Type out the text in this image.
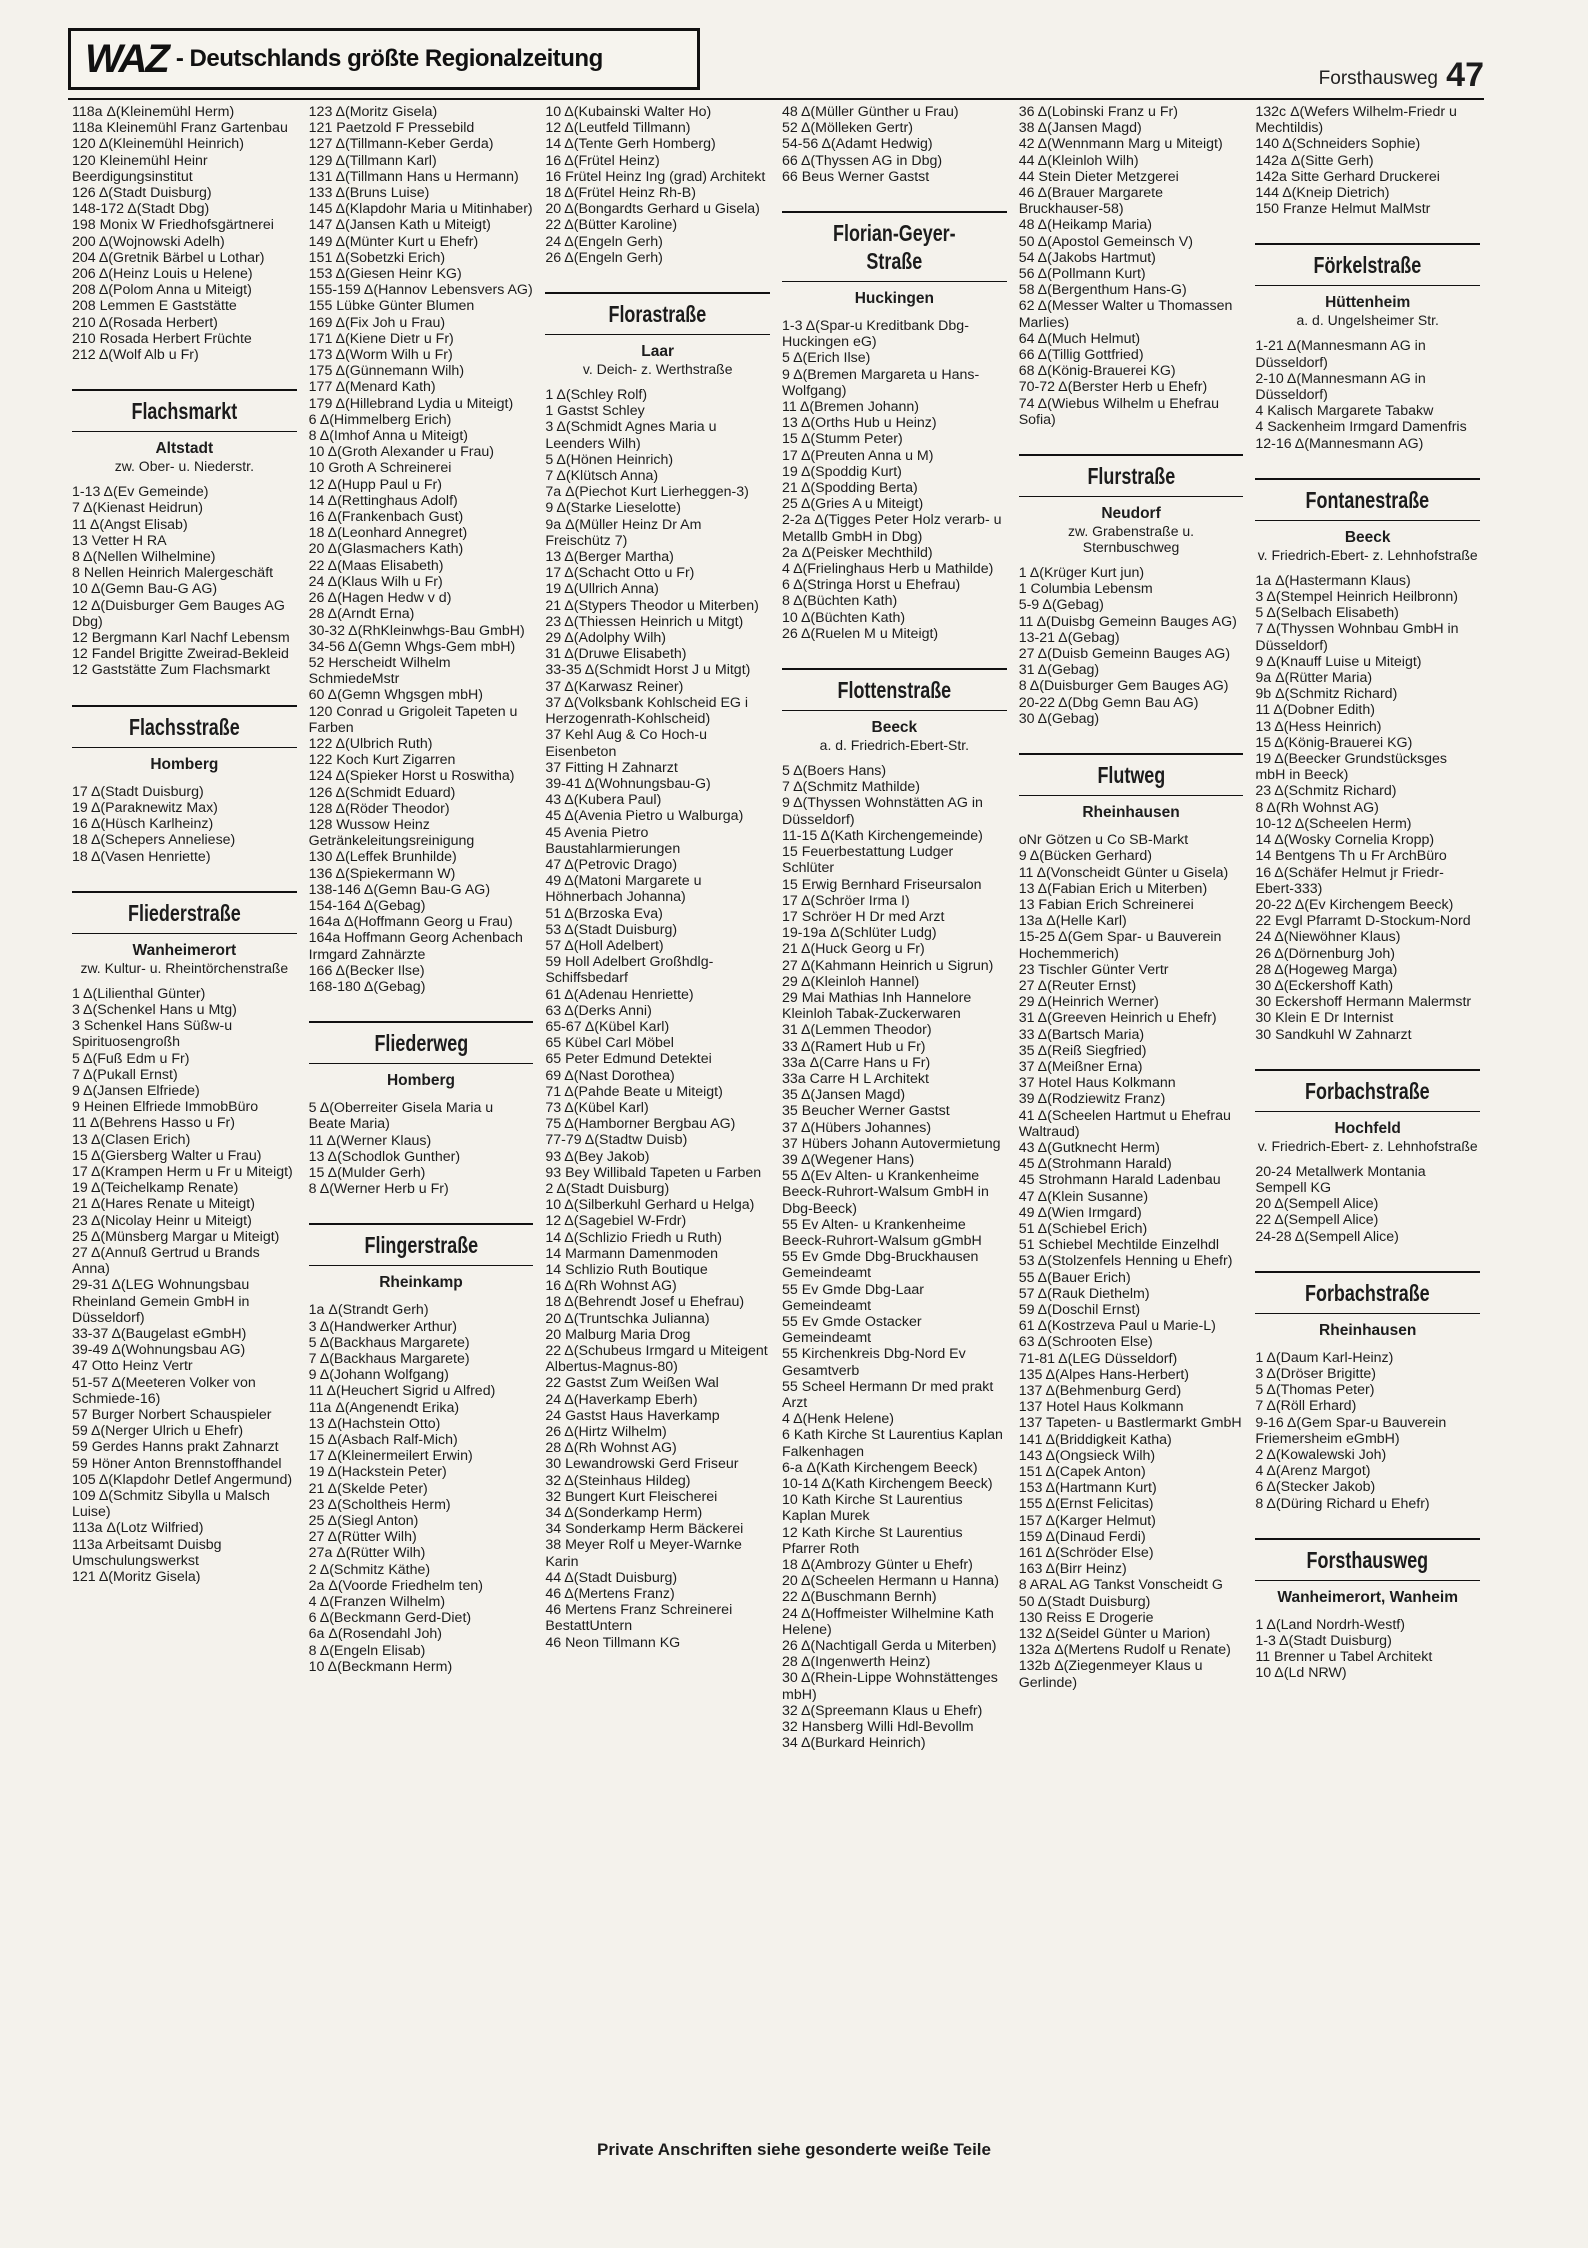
WAZ - Deutschlands größte Regionalzeitung
Forsthausweg 47
118a Δ(Kleinemühl Herm)
118a Kleinemühl Franz Gartenbau
120 Δ(Kleinemühl Heinrich)
120 Kleinemühl Heinr Beerdigungsinstitut
126 Δ(Stadt Duisburg)
148-172 Δ(Stadt Dbg)
198 Monix W Friedhofsgärtnerei
200 Δ(Wojnowski Adelh)
204 Δ(Gretnik Bärbel u Lothar)
206 Δ(Heinz Louis u Helene)
208 Δ(Polom Anna u Miteigt)
208 Lemmen E Gaststätte
210 Δ(Rosada Herbert)
210 Rosada Herbert Früchte
212 Δ(Wolf Alb u Fr)
Flachsmarkt
Altstadt
zw. Ober- u. Niederstr.
1-13 Δ(Ev Gemeinde)
7 Δ(Kienast Heidrun)
11 Δ(Angst Elisab)
13 Vetter H RA
8 Δ(Nellen Wilhelmine)
8 Nellen Heinrich Malergeschäft
10 Δ(Gemn Bau-G AG)
12 Δ(Duisburger Gem Bauges AG Dbg)
12 Bergmann Karl Nachf Lebensm
12 Fandel Brigitte Zweirad-Bekleid
12 Gaststätte Zum Flachsmarkt
Flachsstraße
Homberg
17 Δ(Stadt Duisburg)
19 Δ(Paraknewitz Max)
16 Δ(Hüsch Karlheinz)
18 Δ(Schepers Anneliese)
18 Δ(Vasen Henriette)
Fliederstraße
Wanheimerort
zw. Kultur- u. Rheintörchenstraße
1 Δ(Lilienthal Günter)
3 Δ(Schenkel Hans u Mtg)
3 Schenkel Hans Süßw-u Spirituosengroßh
5 Δ(Fuß Edm u Fr)
7 Δ(Pukall Ernst)
9 Δ(Jansen Elfriede)
9 Heinen Elfriede ImmobBüro
11 Δ(Behrens Hasso u Fr)
13 Δ(Clasen Erich)
15 Δ(Giersberg Walter u Frau)
17 Δ(Krampen Herm u Fr u Miteigt)
19 Δ(Teichelkamp Renate)
21 Δ(Hares Renate u Miteigt)
23 Δ(Nicolay Heinr u Miteigt)
25 Δ(Münsberg Margar u Miteigt)
27 Δ(Annuß Gertrud u Brands Anna)
29-31 Δ(LEG Wohnungsbau Rheinland Gemein GmbH in Düsseldorf)
33-37 Δ(Baugelast eGmbH)
39-49 Δ(Wohnungsbau AG)
47 Otto Heinz Vertr
51-57 Δ(Meeteren Volker von Schmiede-16)
57 Burger Norbert Schauspieler
59 Δ(Nerger Ulrich u Ehefr)
59 Gerdes Hanns prakt Zahnarzt
59 Höner Anton Brennstoffhandel
105 Δ(Klapdohr Detlef Angermund)
109 Δ(Schmitz Sibylla u Malsch Luise)
113a Δ(Lotz Wilfried)
113a Arbeitsamt Duisbg Umschulungswerkst
121 Δ(Moritz Gisela)
123 Δ(Moritz Gisela)
121 Paetzold F Pressebild
127 Δ(Tillmann-Keber Gerda)
129 Δ(Tillmann Karl)
131 Δ(Tillmann Hans u Hermann)
133 Δ(Bruns Luise)
145 Δ(Klapdohr Maria u Mitinhaber)
147 Δ(Jansen Kath u Miteigt)
149 Δ(Münter Kurt u Ehefr)
151 Δ(Sobetzki Erich)
153 Δ(Giesen Heinr KG)
155-159 Δ(Hannov Lebensvers AG)
155 Lübke Günter Blumen
169 Δ(Fix Joh u Frau)
171 Δ(Kiene Dietr u Fr)
173 Δ(Worm Wilh u Fr)
175 Δ(Günnemann Wilh)
177 Δ(Menard Kath)
179 Δ(Hillebrand Lydia u Miteigt)
6 Δ(Himmelberg Erich)
8 Δ(Imhof Anna u Miteigt)
10 Δ(Groth Alexander u Frau)
10 Groth A Schreinerei
12 Δ(Hupp Paul u Fr)
14 Δ(Rettinghaus Adolf)
16 Δ(Frankenbach Gust)
18 Δ(Leonhard Annegret)
20 Δ(Glasmachers Kath)
22 Δ(Maas Elisabeth)
24 Δ(Klaus Wilh u Fr)
26 Δ(Hagen Hedw v d)
28 Δ(Arndt Erna)
30-32 Δ(RhKleinwhgs-Bau GmbH)
34-56 Δ(Gemn Whgs-Gem mbH)
52 Herscheidt Wilhelm SchmiedeMstr
60 Δ(Gemn Whgsgen mbH)
120 Conrad u Grigoleit Tapeten u Farben
122 Δ(Ulbrich Ruth)
122 Koch Kurt Zigarren
124 Δ(Spieker Horst u Roswitha)
126 Δ(Schmidt Eduard)
128 Δ(Röder Theodor)
128 Wussow Heinz Getränkeleitungsreinigung
130 Δ(Leffek Brunhilde)
136 Δ(Spiekermann W)
138-146 Δ(Gemn Bau-G AG)
154-164 Δ(Gebag)
164a Δ(Hoffmann Georg u Frau)
164a Hoffmann Georg Achenbach Irmgard Zahnärzte
166 Δ(Becker Ilse)
168-180 Δ(Gebag)
Fliederweg
Homberg
5 Δ(Oberreiter Gisela Maria u Beate Maria)
11 Δ(Werner Klaus)
13 Δ(Schodlok Gunther)
15 Δ(Mulder Gerh)
8 Δ(Werner Herb u Fr)
Flingerstraße
Rheinkamp
1a Δ(Strandt Gerh)
3 Δ(Handwerker Arthur)
5 Δ(Backhaus Margarete)
7 Δ(Backhaus Margarete)
9 Δ(Johann Wolfgang)
11 Δ(Heuchert Sigrid u Alfred)
11a Δ(Angenendt Erika)
13 Δ(Hachstein Otto)
15 Δ(Asbach Ralf-Mich)
17 Δ(Kleinermeilert Erwin)
19 Δ(Hackstein Peter)
21 Δ(Skelde Peter)
23 Δ(Scholtheis Herm)
25 Δ(Siegl Anton)
27 Δ(Rütter Wilh)
27a Δ(Rütter Wilh)
2 Δ(Schmitz Käthe)
2a Δ(Voorde Friedhelm ten)
4 Δ(Franzen Wilhelm)
6 Δ(Beckmann Gerd-Diet)
6a Δ(Rosendahl Joh)
8 Δ(Engeln Elisab)
10 Δ(Beckmann Herm)
10 Δ(Kubainski Walter Ho)
12 Δ(Leutfeld Tillmann)
14 Δ(Tente Gerh Homberg)
16 Δ(Frütel Heinz)
16 Frütel Heinz Ing (grad) Architekt
18 Δ(Frütel Heinz Rh-B)
20 Δ(Bongardts Gerhard u Gisela)
22 Δ(Bütter Karoline)
24 Δ(Engeln Gerh)
26 Δ(Engeln Gerh)
Florastraße
Laar
v. Deich- z. Werthstraße
1 Δ(Schley Rolf)
1 Gastst Schley
3 Δ(Schmidt Agnes Maria u Leenders Wilh)
5 Δ(Hönen Heinrich)
7 Δ(Klütsch Anna)
7a Δ(Piechot Kurt Lierheggen-3)
9 Δ(Starke Lieselotte)
9a Δ(Müller Heinz Dr Am Freischütz 7)
13 Δ(Berger Martha)
17 Δ(Schacht Otto u Fr)
19 Δ(Ullrich Anna)
21 Δ(Stypers Theodor u Miterben)
23 Δ(Thiessen Heinrich u Mitgt)
29 Δ(Adolphy Wilh)
31 Δ(Druwe Elisabeth)
33-35 Δ(Schmidt Horst J u Mitgt)
37 Δ(Karwasz Reiner)
37 Δ(Volksbank Kohlscheid EG i Herzogenrath-Kohlscheid)
37 Kehl Aug & Co Hoch-u Eisenbeton
37 Fitting H Zahnarzt
39-41 Δ(Wohnungsbau-G)
43 Δ(Kubera Paul)
45 Δ(Avenia Pietro u Walburga)
45 Avenia Pietro Baustahlarmierungen
47 Δ(Petrovic Drago)
49 Δ(Matoni Margarete u Höhnerbach Johanna)
51 Δ(Brzoska Eva)
53 Δ(Stadt Duisburg)
57 Δ(Holl Adelbert)
59 Holl Adelbert Großhdlg-Schiffsbedarf
61 Δ(Adenau Henriette)
63 Δ(Derks Anni)
65-67 Δ(Kübel Karl)
65 Kübel Carl Möbel
65 Peter Edmund Detektei
69 Δ(Nast Dorothea)
71 Δ(Pahde Beate u Miteigt)
73 Δ(Kübel Karl)
75 Δ(Hamborner Bergbau AG)
77-79 Δ(Stadtw Duisb)
93 Δ(Bey Jakob)
93 Bey Willibald Tapeten u Farben
2 Δ(Stadt Duisburg)
10 Δ(Silberkuhl Gerhard u Helga)
12 Δ(Sagebiel W-Frdr)
14 Δ(Schlizio Friedh u Ruth)
14 Marmann Damenmoden
14 Schlizio Ruth Boutique
16 Δ(Rh Wohnst AG)
18 Δ(Behrendt Josef u Ehefrau)
20 Δ(Truntschka Julianna)
20 Malburg Maria Drog
22 Δ(Schubeus Irmgard u Miteigent Albertus-Magnus-80)
22 Gastst Zum Weißen Wal
24 Δ(Haverkamp Eberh)
24 Gastst Haus Haverkamp
26 Δ(Hirtz Wilhelm)
28 Δ(Rh Wohnst AG)
30 Lewandrowski Gerd Friseur
32 Δ(Steinhaus Hildeg)
32 Bungert Kurt Fleischerei
34 Δ(Sonderkamp Herm)
34 Sonderkamp Herm Bäckerei
38 Meyer Rolf u Meyer-Warnke Karin
44 Δ(Stadt Duisburg)
46 Δ(Mertens Franz)
46 Mertens Franz Schreinerei BestattUntern
46 Neon Tillmann KG
48 Δ(Müller Günther u Frau)
52 Δ(Mölleken Gertr)
54-56 Δ(Adamt Hedwig)
66 Δ(Thyssen AG in Dbg)
66 Beus Werner Gastst
Florian-Geyer-Straße
Huckingen
1-3 Δ(Spar-u Kreditbank Dbg-Huckingen eG)
5 Δ(Erich Ilse)
9 Δ(Bremen Margareta u Hans-Wolfgang)
11 Δ(Bremen Johann)
13 Δ(Orths Hub u Heinz)
15 Δ(Stumm Peter)
17 Δ(Preuten Anna u M)
19 Δ(Spoddig Kurt)
21 Δ(Spodding Berta)
25 Δ(Gries A u Miteigt)
2-2a Δ(Tigges Peter Holz verarb- u Metallb GmbH in Dbg)
2a Δ(Peisker Mechthild)
4 Δ(Frielinghaus Herb u Mathilde)
6 Δ(Stringa Horst u Ehefrau)
8 Δ(Büchten Kath)
10 Δ(Büchten Kath)
26 Δ(Ruelen M u Miteigt)
Flottenstraße
Beeck
a. d. Friedrich-Ebert-Str.
5 Δ(Boers Hans)
7 Δ(Schmitz Mathilde)
9 Δ(Thyssen Wohnstätten AG in Düsseldorf)
11-15 Δ(Kath Kirchengemeinde)
15 Feuerbestattung Ludger Schlüter
15 Erwig Bernhard Friseursalon
17 Δ(Schröer Irma I)
17 Schröer H Dr med Arzt
19-19a Δ(Schlüter Ludg)
21 Δ(Huck Georg u Fr)
27 Δ(Kahmann Heinrich u Sigrun)
29 Δ(Kleinloh Hannel)
29 Mai Mathias Inh Hannelore Kleinloh Tabak-Zuckerwaren
31 Δ(Lemmen Theodor)
33 Δ(Ramert Hub u Fr)
33a Δ(Carre Hans u Fr)
33a Carre H L Architekt
35 Δ(Jansen Magd)
35 Beucher Werner Gastst
37 Δ(Hübers Johannes)
37 Hübers Johann Autovermietung
39 Δ(Wegener Hans)
55 Δ(Ev Alten- u Krankenheime Beeck-Ruhrort-Walsum GmbH in Dbg-Beeck)
55 Ev Alten- u Krankenheime Beeck-Ruhrort-Walsum gGmbH
55 Ev Gmde Dbg-Bruckhausen Gemeindeamt
55 Ev Gmde Dbg-Laar Gemeindeamt
55 Ev Gmde Ostacker Gemeindeamt
55 Kirchenkreis Dbg-Nord Ev Gesamtverb
55 Scheel Hermann Dr med prakt Arzt
4 Δ(Henk Helene)
6 Kath Kirche St Laurentius Kaplan Falkenhagen
6-a Δ(Kath Kirchengem Beeck)
10-14 Δ(Kath Kirchengem Beeck)
10 Kath Kirche St Laurentius Kaplan Murek
12 Kath Kirche St Laurentius Pfarrer Roth
18 Δ(Ambrozy Günter u Ehefr)
20 Δ(Scheelen Hermann u Hanna)
22 Δ(Buschmann Bernh)
24 Δ(Hoffmeister Wilhelmine Kath Helene)
26 Δ(Nachtigall Gerda u Miterben)
28 Δ(Ingenwerth Heinz)
30 Δ(Rhein-Lippe Wohnstättenges mbH)
32 Δ(Spreemann Klaus u Ehefr)
32 Hansberg Willi Hdl-Bevollm
34 Δ(Burkard Heinrich)
36 Δ(Lobinski Franz u Fr)
38 Δ(Jansen Magd)
42 Δ(Wennmann Marg u Miteigt)
44 Δ(Kleinloh Wilh)
44 Stein Dieter Metzgerei
46 Δ(Brauer Margarete Bruckhauser-58)
48 Δ(Heikamp Maria)
50 Δ(Apostol Gemeinsch V)
54 Δ(Jakobs Hartmut)
56 Δ(Pollmann Kurt)
58 Δ(Bergenthum Hans-G)
62 Δ(Messer Walter u Thomassen Marlies)
64 Δ(Much Helmut)
66 Δ(Tillig Gottfried)
68 Δ(König-Brauerei KG)
70-72 Δ(Berster Herb u Ehefr)
74 Δ(Wiebus Wilhelm u Ehefrau Sofia)
Flurstraße
Neudorf
zw. Grabenstraße u. Sternbuschweg
1 Δ(Krüger Kurt jun)
1 Columbia Lebensm
5-9 Δ(Gebag)
11 Δ(Duisbg Gemeinn Bauges AG)
13-21 Δ(Gebag)
27 Δ(Duisb Gemeinn Bauges AG)
31 Δ(Gebag)
8 Δ(Duisburger Gem Bauges AG)
20-22 Δ(Dbg Gemn Bau AG)
30 Δ(Gebag)
Flutweg
Rheinhausen
oNr Götzen u Co SB-Markt
9 Δ(Bücken Gerhard)
11 Δ(Vonscheidt Günter u Gisela)
13 Δ(Fabian Erich u Miterben)
13 Fabian Erich Schreinerei
13a Δ(Helle Karl)
15-25 Δ(Gem Spar- u Bauverein Hochemmerich)
23 Tischler Günter Vertr
27 Δ(Reuter Ernst)
29 Δ(Heinrich Werner)
31 Δ(Greeven Heinrich u Ehefr)
33 Δ(Bartsch Maria)
35 Δ(Reiß Siegfried)
37 Δ(Meißner Erna)
37 Hotel Haus Kolkmann
39 Δ(Rodziewitz Franz)
41 Δ(Scheelen Hartmut u Ehefrau Waltraud)
43 Δ(Gutknecht Herm)
45 Δ(Strohmann Harald)
45 Strohmann Harald Ladenbau
47 Δ(Klein Susanne)
49 Δ(Wien Irmgard)
51 Δ(Schiebel Erich)
51 Schiebel Mechtilde Einzelhdl
53 Δ(Stolzenfels Henning u Ehefr)
55 Δ(Bauer Erich)
57 Δ(Rauk Diethelm)
59 Δ(Doschil Ernst)
61 Δ(Kostrzeva Paul u Marie-L)
63 Δ(Schrooten Else)
71-81 Δ(LEG Düsseldorf)
135 Δ(Alpes Hans-Herbert)
137 Δ(Behmenburg Gerd)
137 Hotel Haus Kolkmann
137 Tapeten- u Bastlermarkt GmbH
141 Δ(Briddigkeit Katha)
143 Δ(Ongsieck Wilh)
151 Δ(Capek Anton)
153 Δ(Hartmann Kurt)
155 Δ(Ernst Felicitas)
157 Δ(Karger Helmut)
159 Δ(Dinaud Ferdi)
161 Δ(Schröder Else)
163 Δ(Birr Heinz)
8 ARAL AG Tankst Vonscheidt G
50 Δ(Stadt Duisburg)
130 Reiss E Drogerie
132 Δ(Seidel Günter u Marion)
132a Δ(Mertens Rudolf u Renate)
132b Δ(Ziegenmeyer Klaus u Gerlinde)
132c Δ(Wefers Wilhelm-Friedr u Mechtildis)
140 Δ(Schneiders Sophie)
142a Δ(Sitte Gerh)
142a Sitte Gerhard Druckerei
144 Δ(Kneip Dietrich)
150 Franze Helmut MalMstr
Förkelstraße
Hüttenheim
a. d. Ungelsheimer Str.
1-21 Δ(Mannesmann AG in Düsseldorf)
2-10 Δ(Mannesmann AG in Düsseldorf)
4 Kalisch Margarete Tabakw
4 Sackenheim Irmgard Damenfris
12-16 Δ(Mannesmann AG)
Fontanestraße
Beeck
v. Friedrich-Ebert- z. Lehnhofstraße
1a Δ(Hastermann Klaus)
3 Δ(Stempel Heinrich Heilbronn)
5 Δ(Selbach Elisabeth)
7 Δ(Thyssen Wohnbau GmbH in Düsseldorf)
9 Δ(Knauff Luise u Miteigt)
9a Δ(Rütter Maria)
9b Δ(Schmitz Richard)
11 Δ(Dobner Edith)
13 Δ(Hess Heinrich)
15 Δ(König-Brauerei KG)
19 Δ(Beecker Grundstücksges mbH in Beeck)
23 Δ(Schmitz Richard)
8 Δ(Rh Wohnst AG)
10-12 Δ(Scheelen Herm)
14 Δ(Wosky Cornelia Kropp)
14 Bentgens Th u Fr ArchBüro
16 Δ(Schäfer Helmut jr Friedr-Ebert-333)
20-22 Δ(Ev Kirchengem Beeck)
22 Evgl Pfarramt D-Stockum-Nord
24 Δ(Niewöhner Klaus)
26 Δ(Dörnenburg Joh)
28 Δ(Hogeweg Marga)
30 Δ(Eckershoff Kath)
30 Eckershoff Hermann Malermstr
30 Klein E Dr Internist
30 Sandkuhl W Zahnarzt
Forbachstraße
Hochfeld
v. Friedrich-Ebert- z. Lehnhofstraße
20-24 Metallwerk Montania Sempell KG
20 Δ(Sempell Alice)
22 Δ(Sempell Alice)
24-28 Δ(Sempell Alice)
Forbachstraße
Rheinhausen
1 Δ(Daum Karl-Heinz)
3 Δ(Dröser Brigitte)
5 Δ(Thomas Peter)
7 Δ(Röll Erhard)
9-16 Δ(Gem Spar-u Bauverein Friemersheim eGmbH)
2 Δ(Kowalewski Joh)
4 Δ(Arenz Margot)
6 Δ(Stecker Jakob)
8 Δ(Düring Richard u Ehefr)
Forsthausweg
Wanheimerort, Wanheim
1 Δ(Land Nordrh-Westf)
1-3 Δ(Stadt Duisburg)
11 Brenner u Tabel Architekt
10 Δ(Ld NRW)
Private Anschriften siehe gesonderte weiße Teile
